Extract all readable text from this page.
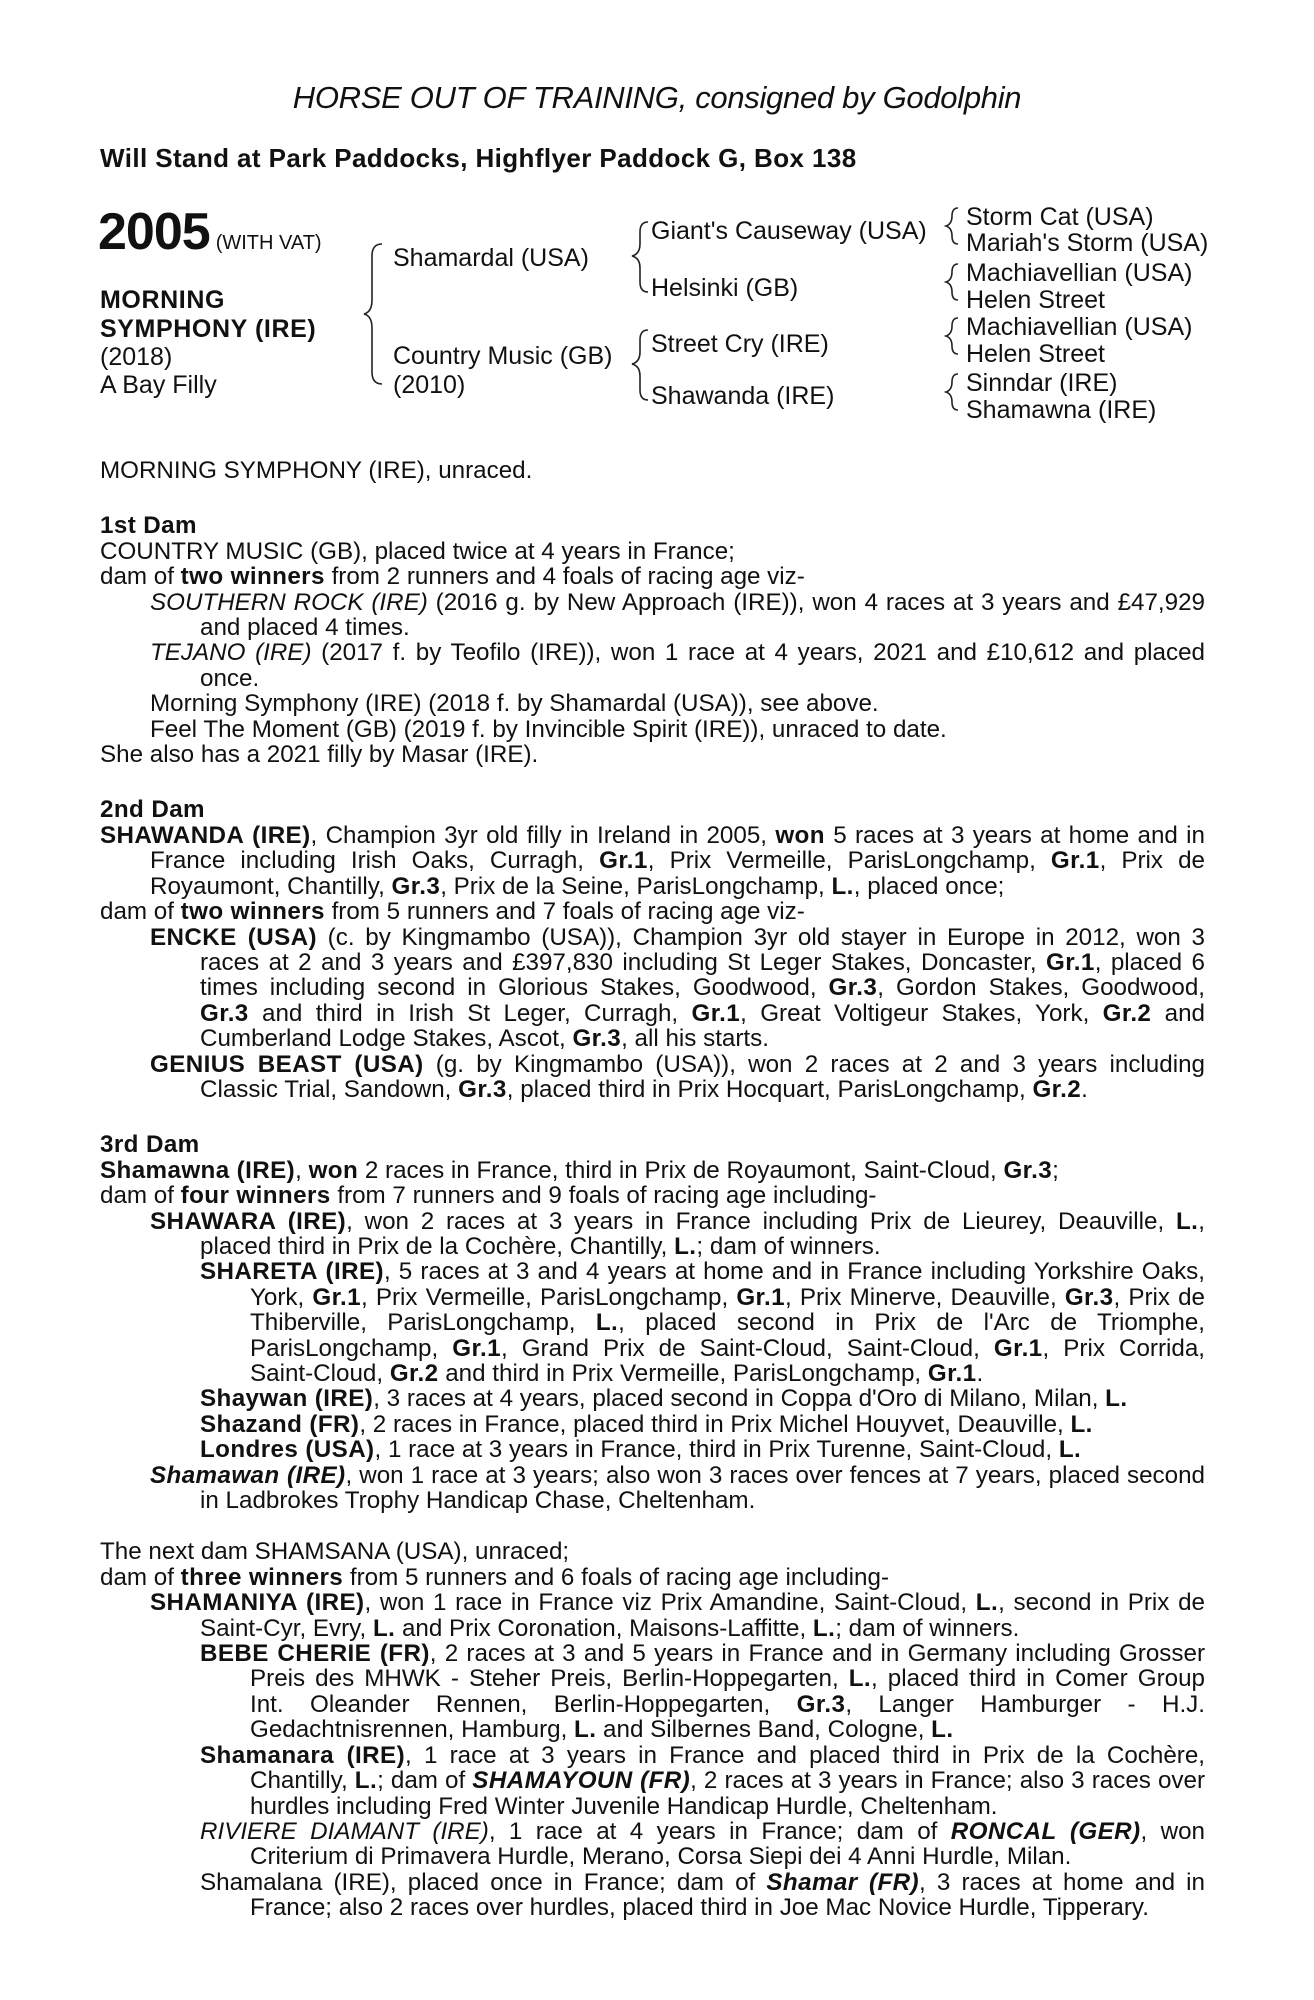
HORSE OUT OF TRAINING, consigned by Godolphin
Will Stand at Park Paddocks, Highflyer Paddock G, Box 138
2005 (WITH VAT)
MORNING
SYMPHONY (IRE)
(2018)
A Bay Filly
Shamardal (USA)
Country Music (GB)
(2010)
Giant's Causeway (USA)
Helsinki (GB)
Street Cry (IRE)
Shawanda (IRE)
Storm Cat (USA)
Mariah's Storm (USA)
Machiavellian (USA)
Helen Street
Machiavellian (USA)
Helen Street
Sinndar (IRE)
Shamawna (IRE)

MORNING SYMPHONY (IRE), unraced.

1st Dam

COUNTRY MUSIC (GB), placed twice at 4 years in France;

dam of two winners from 2 runners and 4 foals of racing age viz-

SOUTHERN ROCK (IRE) (2016 g. by New Approach (IRE)), won 4 races at 3 years and £47,929 and placed 4 times.

TEJANO (IRE) (2017 f. by Teofilo (IRE)), won 1 race at 4 years, 2021 and £10,612 and placed once.

Morning Symphony (IRE) (2018 f. by Shamardal (USA)), see above.

Feel The Moment (GB) (2019 f. by Invincible Spirit (IRE)), unraced to date.

She also has a 2021 filly by Masar (IRE).

2nd Dam

SHAWANDA (IRE), Champion 3yr old filly in Ireland in 2005, won 5 races at 3 years at home and in France including Irish Oaks, Curragh, Gr.1, Prix Vermeille, ParisLongchamp, Gr.1, Prix de Royaumont, Chantilly, Gr.3, Prix de la Seine, ParisLongchamp, L., placed once;

dam of two winners from 5 runners and 7 foals of racing age viz-

ENCKE (USA) (c. by Kingmambo (USA)), Champion 3yr old stayer in Europe in 2012, won 3 races at 2 and 3 years and £397,830 including St Leger Stakes, Doncaster, Gr.1, placed 6 times including second in Glorious Stakes, Goodwood, Gr.3, Gordon Stakes, Goodwood, Gr.3 and third in Irish St Leger, Curragh, Gr.1, Great Voltigeur Stakes, York, Gr.2 and Cumberland Lodge Stakes, Ascot, Gr.3, all his starts.

GENIUS BEAST (USA) (g. by Kingmambo (USA)), won 2 races at 2 and 3 years including Classic Trial, Sandown, Gr.3, placed third in Prix Hocquart, ParisLongchamp, Gr.2.

3rd Dam

Shamawna (IRE), won 2 races in France, third in Prix de Royaumont, Saint-Cloud, Gr.3;

dam of four winners from 7 runners and 9 foals of racing age including-

SHAWARA (IRE), won 2 races at 3 years in France including Prix de Lieurey, Deauville, L., placed third in Prix de la Cochère, Chantilly, L.; dam of winners.

SHARETA (IRE), 5 races at 3 and 4 years at home and in France including Yorkshire Oaks, York, Gr.1, Prix Vermeille, ParisLongchamp, Gr.1, Prix Minerve, Deauville, Gr.3, Prix de Thiberville, ParisLongchamp, L., placed second in Prix de l'Arc de Triomphe, ParisLongchamp, Gr.1, Grand Prix de Saint-Cloud, Saint-Cloud, Gr.1, Prix Corrida, Saint-Cloud, Gr.2 and third in Prix Vermeille, ParisLongchamp, Gr.1.

Shaywan (IRE), 3 races at 4 years, placed second in Coppa d'Oro di Milano, Milan, L.

Shazand (FR), 2 races in France, placed third in Prix Michel Houyvet, Deauville, L.

Londres (USA), 1 race at 3 years in France, third in Prix Turenne, Saint-Cloud, L.

Shamawan (IRE), won 1 race at 3 years; also won 3 races over fences at 7 years, placed second in Ladbrokes Trophy Handicap Chase, Cheltenham.

The next dam SHAMSANA (USA), unraced;

dam of three winners from 5 runners and 6 foals of racing age including-

SHAMANIYA (IRE), won 1 race in France viz Prix Amandine, Saint-Cloud, L., second in Prix de Saint-Cyr, Evry, L. and Prix Coronation, Maisons-Laffitte, L.; dam of winners.

BEBE CHERIE (FR), 2 races at 3 and 5 years in France and in Germany including Grosser Preis des MHWK - Steher Preis, Berlin-Hoppegarten, L., placed third in Comer Group Int. Oleander Rennen, Berlin-Hoppegarten, Gr.3, Langer Hamburger - H.J. Gedachtnisrennen, Hamburg, L. and Silbernes Band, Cologne, L.

Shamanara (IRE), 1 race at 3 years in France and placed third in Prix de la Cochère, Chantilly, L.; dam of SHAMAYOUN (FR), 2 races at 3 years in France; also 3 races over hurdles including Fred Winter Juvenile Handicap Hurdle, Cheltenham.

RIVIERE DIAMANT (IRE), 1 race at 4 years in France; dam of RONCAL (GER), won Criterium di Primavera Hurdle, Merano, Corsa Siepi dei 4 Anni Hurdle, Milan.

Shamalana (IRE), placed once in France; dam of Shamar (FR), 3 races at home and in France; also 2 races over hurdles, placed third in Joe Mac Novice Hurdle, Tipperary.
